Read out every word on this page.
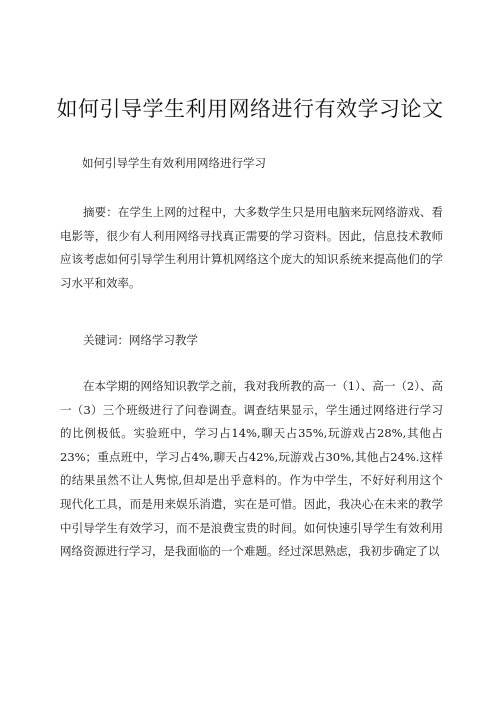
如何引导学生利用网络进行有效学习论文

如何引导学生有效利用网络进行学习

摘要：在学生上网的过程中，大多数学生只是用电脑来玩网络游戏、看电影等，很少有人利用网络寻找真正需要的学习资料。因此，信息技术教师应该考虑如何引导学生利用计算机网络这个庞大的知识系统来提高他们的学习水平和效率。

关键词：网络学习教学

在本学期的网络知识教学之前，我对我所教的高一（1）、高一（2）、高一（3）三个班级进行了问卷调查。调查结果显示，学生通过网络进行学习的比例极低。实验班中，学习占14%,聊天占35%,玩游戏占28%,其他占23%；重点班中，学习占4%,聊天占42%,玩游戏占30%,其他占24%.这样的结果虽然不让人隽惊,但却是出乎意料的。作为中学生，不好好利用这个现代化工具，而是用来娱乐消遣，实在是可惜。因此，我决心在未来的教学中引导学生有效学习，而不是浪费宝贵的时间。如何快速引导学生有效利用网络资源进行学习，是我面临的一个难题。经过深思熟虑，我初步确定了以
